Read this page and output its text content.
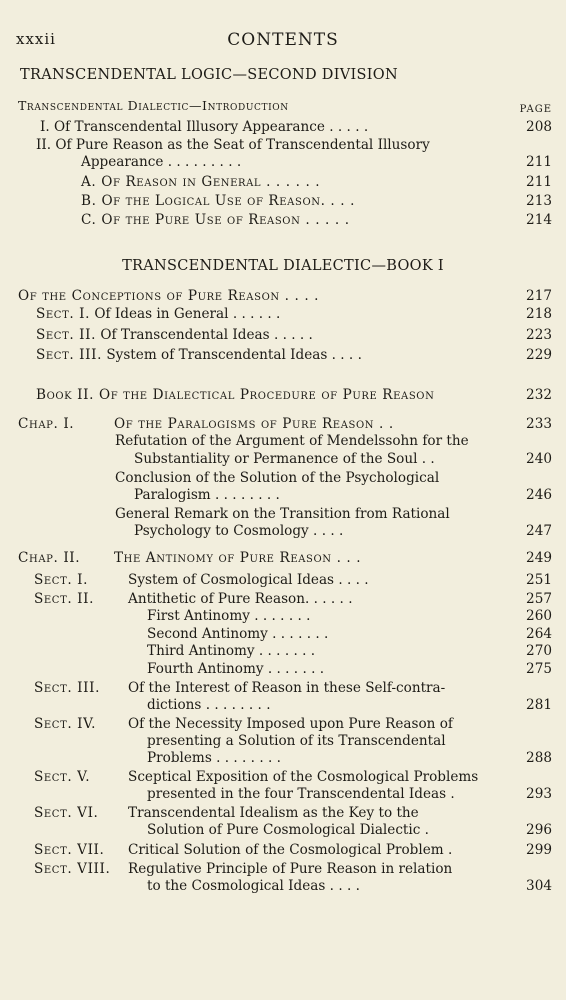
xxxii	CONTENTS
TRANSCENDENTAL LOGIC—SECOND DIVISION
PAGE
Transcendental Dialectic—Introduction
I. Of Transcendental Illusory Appearance . . . . .	208
II. Of Pure Reason as the Seat of Transcendental Illusory
Appearance . . . . . . . . .	211
A. Of Reason in General . . . . . .	211
B. Of the Logical Use of Reason. . . .	213
C. Of the Pure Use of Reason . . . . .	214
TRANSCENDENTAL DIALECTIC—BOOK I
Of the Conceptions of Pure Reason . . . .	217
Sect. I. Of Ideas in General . . . . . .	218
Sect. II. Of Transcendental Ideas . . . . .	223
Sect. III. System of Transcendental Ideas . . . .	229
Book II. Of the Dialectical Procedure of Pure Reason	232
Chap. I.	Of the Paralogisms of Pure Reason . .	233
Refutation of the Argument of Mendelssohn for the
Substantiality or Permanence of the Soul . .	240
Conclusion of the Solution of the Psychological
Paralogism . . . . . . . .	246
General Remark on the Transition from Rational
Psychology to Cosmology . . . .	247
Chap. II. The Antinomy of Pure Reason . . .	249
Sect. I.	System of Cosmological Ideas . . . .	251
Sect. II. Antithetic of Pure Reason. . . . . .	257
First Antinomy . . . . . . .	260
Second Antinomy . . . . . . .	264
Third Antinomy . . . . . . .	270
Fourth Antinomy . . . . . . .	275
Sect. III. Of the Interest of Reason in these Self-contra-
dictions . . . . . . . .	281
Sect. IV. Of the Necessity Imposed upon Pure Reason of
presenting a Solution of its Transcendental
Problems . . . . . . . .	288
Sect. V.	Sceptical Exposition of the Cosmological Problems
presented in the four Transcendental Ideas .	293
Sect. VI. Transcendental Idealism as the Key to the
Solution of Pure Cosmological Dialectic .	296
Sect. VII. Critical Solution of the Cosmological Problem .	299
Sect. VIII. Regulative Principle of Pure Reason in relation
to the Cosmological Ideas . . . .	304
